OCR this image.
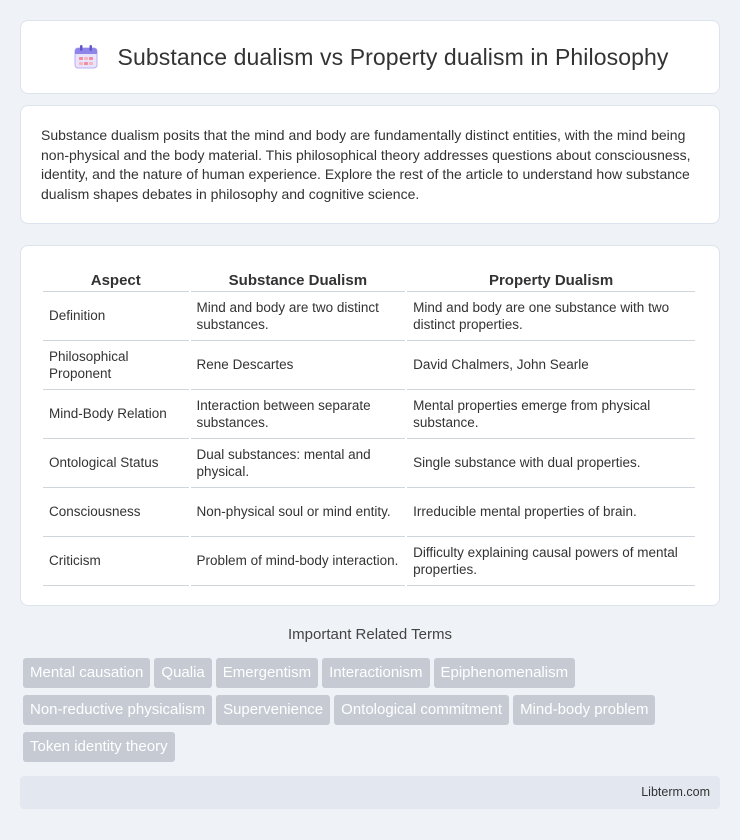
Substance dualism vs Property dualism in Philosophy

Substance dualism posits that the mind and body are fundamentally distinct entities, with the mind being non-physical and the body material. This philosophical theory addresses questions about consciousness, identity, and the nature of human experience. Explore the rest of the article to understand how substance dualism shapes debates in philosophy and cognitive science.

Aspect	Substance Dualism	Property Dualism
Definition	Mind and body are two distinct substances.	Mind and body are one substance with two distinct properties.
Philosophical Proponent	Rene Descartes	David Chalmers, John Searle
Mind-Body Relation	Interaction between separate substances.	Mental properties emerge from physical substance.
Ontological Status	Dual substances: mental and physical.	Single substance with dual properties.
Consciousness	Non-physical soul or mind entity.	Irreducible mental properties of brain.
Criticism	Problem of mind-body interaction.	Difficulty explaining causal powers of mental properties.
Important Related Terms
Mental causation Qualia Emergentism Interactionism EpiphenomenalismNon-reductive physicalism Supervenience Ontological commitment Mind-body problemToken identity theory
Libterm.com
